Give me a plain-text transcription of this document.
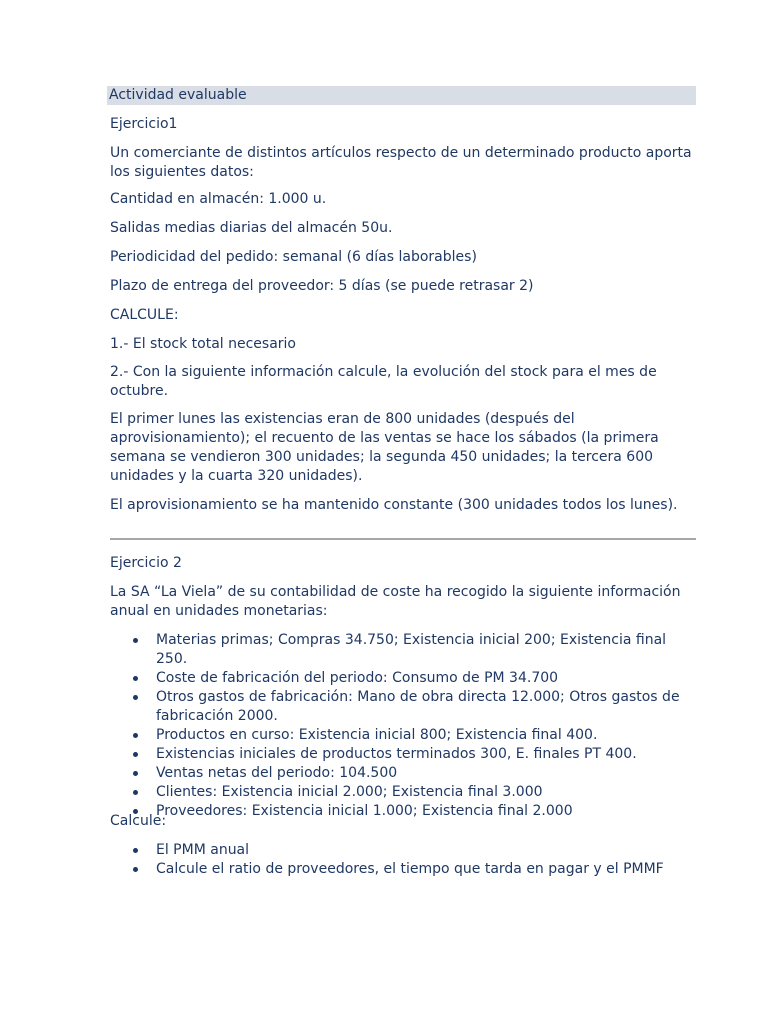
Actividad evaluable

Ejercicio1

Un comerciante de distintos artículos respecto de un determinado producto aporta

los siguientes datos:

Cantidad en almacén: 1.000 u.

Salidas medias diarias del almacén 50u.

Periodicidad del pedido: semanal (6 días laborables)

Plazo de entrega del proveedor: 5 días (se puede retrasar 2)

CALCULE:

1.- El stock total necesario

2.- Con la siguiente información calcule, la evolución del stock para el mes de

octubre.

El primer lunes las existencias eran de 800 unidades (después del

aprovisionamiento); el recuento de las ventas se hace los sábados (la primera

semana se vendieron 300 unidades; la segunda 450 unidades; la tercera 600

unidades y la cuarta 320 unidades).

El aprovisionamiento se ha mantenido constante (300 unidades todos los lunes).

Ejercicio 2

La SA “La Viela” de su contabilidad de coste ha recogido la siguiente información

anual en unidades monetarias:

Materias primas; Compras 34.750; Existencia inicial 200; Existencia final 250.
Coste de fabricación del periodo: Consumo de PM 34.700
Otros gastos de fabricación: Mano de obra directa 12.000; Otros gastos de
fabricación 2000.
Productos en curso: Existencia inicial 800; Existencia final 400.
Existencias iniciales de productos terminados 300, E. finales PT 400.
Ventas netas del periodo: 104.500
Clientes: Existencia inicial 2.000; Existencia final 3.000
Proveedores: Existencia inicial 1.000; Existencia final 2.000

Calcule:

El PMM anual
Calcule el ratio de proveedores, el tiempo que tarda en pagar y el PMMF
